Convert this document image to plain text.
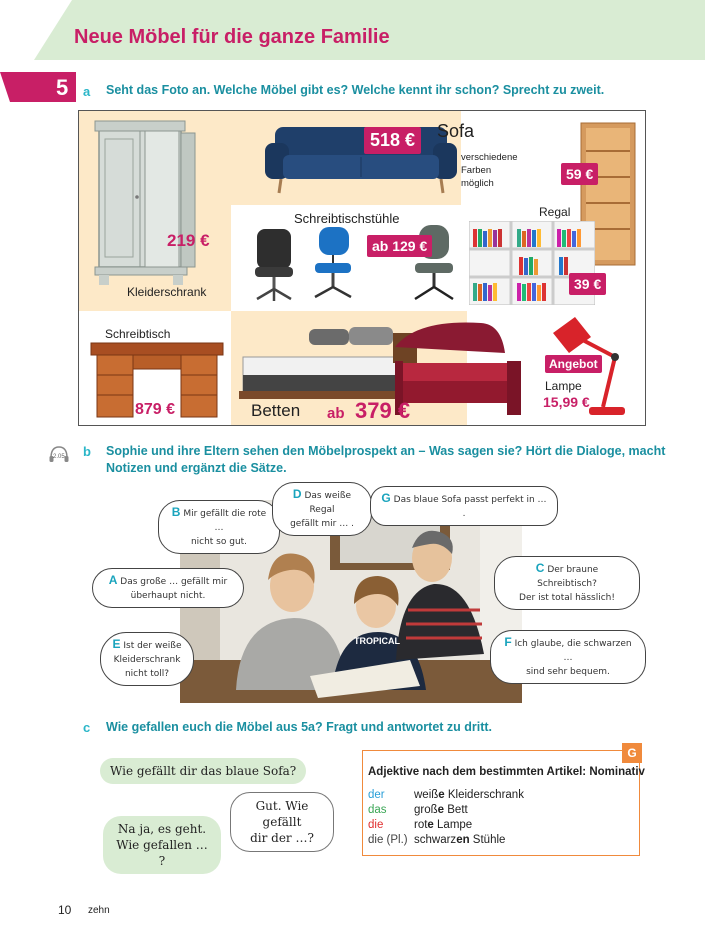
Neue Möbel für die ganze Familie
5 a Seht das Foto an. Welche Möbel gibt es? Welche kennt ihr schon? Sprecht zu zweit.
219 €
Kleiderschrank
518 €	Sofa
verschiedene
Farben
möglich
59 €
Regal
39 €
Schreibtischstühle
ab 129 €
Schreibtisch
879 €	Betten ab 379 €
Angebot
Lampe
15,99 €
2.05 b Sophie und ihre Eltern sehen den Möbelprospekt an – Was sagen sie? Hört die Dialoge, macht
Notizen und ergänzt die Sätze.
TROPICAL
B Mir gefällt die rote …
nicht so gut.
D Das weiße Regal
gefällt mir … .
G Das blaue Sofa passt perfekt in … .
A Das große … gefällt mir
überhaupt nicht.
C Der braune Schreibtisch?
Der ist total hässlich!
E Ist der weiße
Kleiderschrank
nicht toll?
F Ich glaube, die schwarzen …
sind sehr bequem.
c Wie gefallen euch die Möbel aus 5a? Fragt und antwortet zu dritt.
Wie gefällt dir das blaue Sofa?
Gut. Wie gefällt
dir der …?
Na ja, es geht.
Wie gefallen … ?
G
Adjektive nach dem bestimmten Artikel: Nominativ
der	weiße Kleiderschrank
das große Bett
die	rote Lampe
die (Pl.) schwarzen Stühle
10 zehn
